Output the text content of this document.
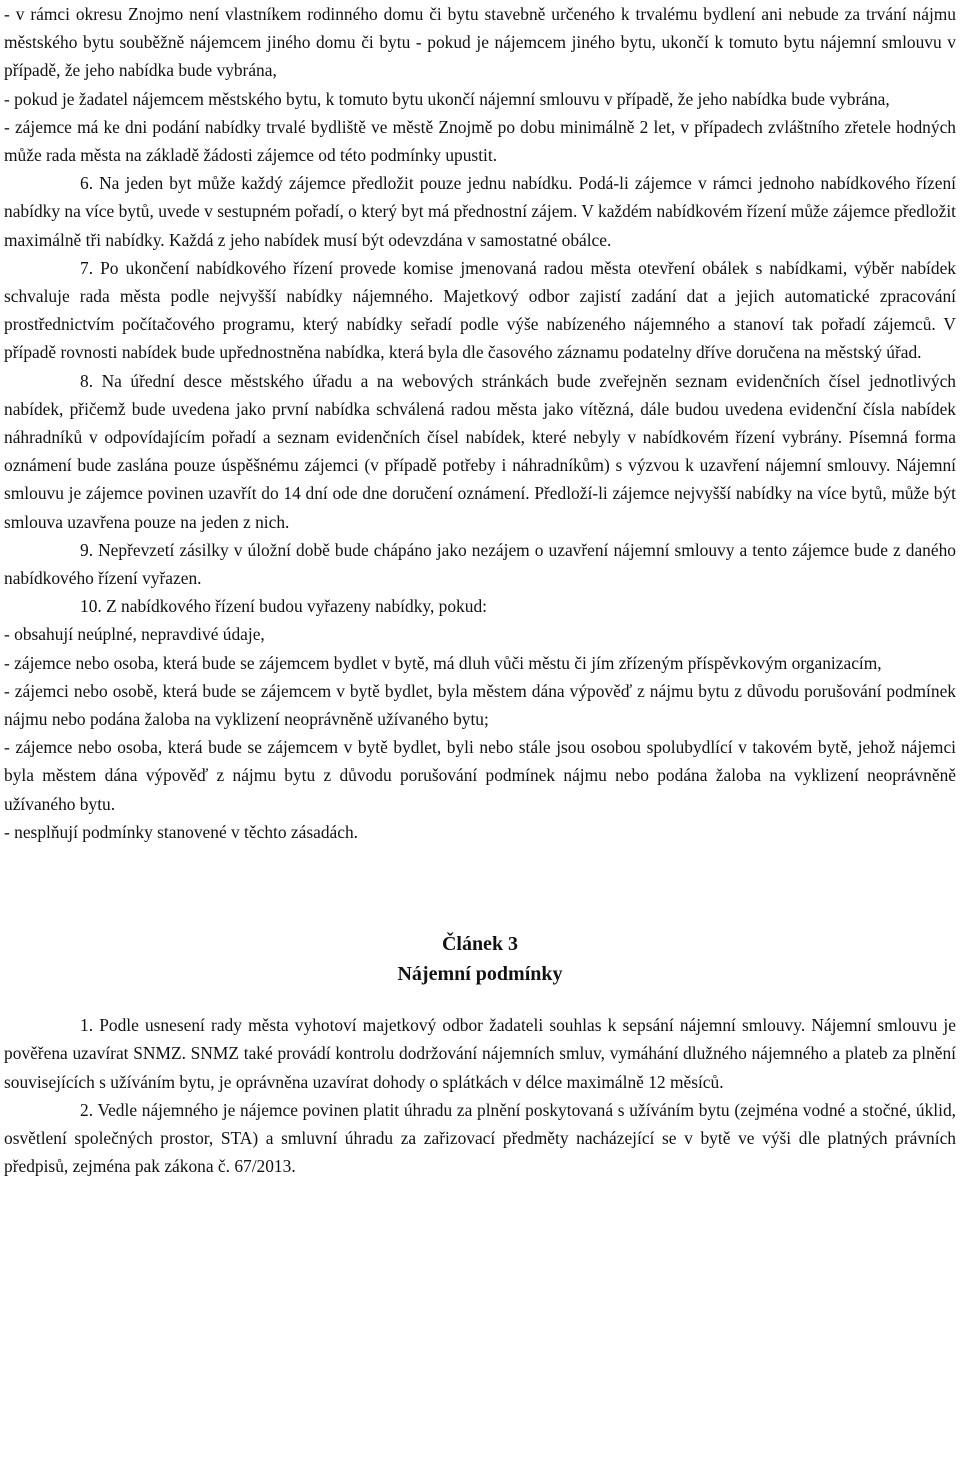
- v rámci okresu Znojmo není vlastníkem rodinného domu či bytu stavebně určeného k trvalému bydlení ani nebude za trvání nájmu městského bytu souběžně nájemcem jiného domu či bytu - pokud je nájemcem jiného bytu, ukončí k tomuto bytu nájemní smlouvu v případě, že jeho nabídka bude vybrána,

- pokud je žadatel nájemcem městského bytu, k tomuto bytu ukončí nájemní smlouvu v případě, že jeho nabídka bude vybrána,

- zájemce má ke dni podání nabídky trvalé bydliště ve městě Znojmě po dobu minimálně 2 let, v případech zvláštního zřetele hodných může rada města na základě žádosti zájemce od této podmínky upustit.

6. Na jeden byt může každý zájemce předložit pouze jednu nabídku. Podá-li zájemce v rámci jednoho nabídkového řízení nabídky na více bytů, uvede v sestupném pořadí, o který byt má přednostní zájem. V každém nabídkovém řízení může zájemce předložit maximálně tři nabídky. Každá z jeho nabídek musí být odevzdána v samostatné obálce.

7. Po ukončení nabídkového řízení provede komise jmenovaná radou města otevření obálek s nabídkami, výběr nabídek schvaluje rada města podle nejvyšší nabídky nájemného. Majetkový odbor zajistí zadání dat a jejich automatické zpracování prostřednictvím počítačového programu, který nabídky seřadí podle výše nabízeného nájemného a stanoví tak pořadí zájemců. V případě rovnosti nabídek bude upřednostněna nabídka, která byla dle časového záznamu podatelny dříve doručena na městský úřad.

8. Na úřední desce městského úřadu a na webových stránkách bude zveřejněn seznam evidenčních čísel jednotlivých nabídek, přičemž bude uvedena jako první nabídka schválená radou města jako vítězná, dále budou uvedena evidenční čísla nabídek náhradníků v odpovídajícím pořadí a seznam evidenčních čísel nabídek, které nebyly v nabídkovém řízení vybrány. Písemná forma oznámení bude zaslána pouze úspěšnému zájemci (v případě potřeby i náhradníkům) s výzvou k uzavření nájemní smlouvy. Nájemní smlouvu je zájemce povinen uzavřít do 14 dní ode dne doručení oznámení. Předloží-li zájemce nejvyšší nabídky na více bytů, může být smlouva uzavřena pouze na jeden z nich.

9. Nepřevzetí zásilky v úložní době bude chápáno jako nezájem o uzavření nájemní smlouvy a tento zájemce bude z daného nabídkového řízení vyřazen.

10. Z nabídkového řízení budou vyřazeny nabídky, pokud:

- obsahují neúplné, nepravdivé údaje,

- zájemce nebo osoba, která bude se zájemcem bydlet v bytě, má dluh vůči městu či jím zřízeným příspěvkovým organizacím,

- zájemci nebo osobě, která bude se zájemcem v bytě bydlet, byla městem dána výpověď z nájmu bytu z důvodu porušování podmínek nájmu nebo podána žaloba na vyklizení neoprávněně užívaného bytu;

- zájemce nebo osoba, která bude se zájemcem v bytě bydlet, byli nebo stále jsou osobou spolubydlící v takovém bytě, jehož nájemci byla městem dána výpověď z nájmu bytu z důvodu porušování podmínek nájmu nebo podána žaloba na vyklizení neoprávněně užívaného bytu.

- nesplňují podmínky stanovené v těchto zásadách.

Článek 3

Nájemní podmínky

1. Podle usnesení rady města vyhotoví majetkový odbor žadateli souhlas k sepsání nájemní smlouvy. Nájemní smlouvu je pověřena uzavírat SNMZ. SNMZ také provádí kontrolu dodržování nájemních smluv, vymáhání dlužného nájemného a plateb za plnění souvisejících s užíváním bytu, je oprávněna uzavírat dohody o splátkách v délce maximálně 12 měsíců.

2. Vedle nájemného je nájemce povinen platit úhradu za plnění poskytovaná s užíváním bytu (zejména vodné a stočné, úklid, osvětlení společných prostor, STA) a smluvní úhradu za zařizovací předměty nacházející se v bytě ve výši dle platných právních předpisů, zejména pak zákona č. 67/2013.
